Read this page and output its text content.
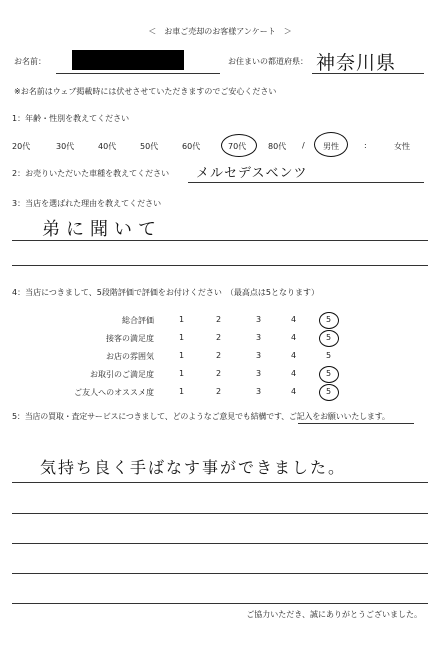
＜　お車ご売却のお客様アンケート　＞
お名前：	お住まいの都道府県： 神奈川県
※お名前はウェブ掲載時には伏せさせていただきますのでご安心ください
1：年齢・性別を教えてください
20代	30代	40代	50代	60代	70代	80代 / 男性	:	女性
2：お売りいただいた車種を教えてください メルセデスベンツ
3：当店を選ばれた理由を教えてください
弟に聞いて
4：当店につきまして、5段階評価で評価をお付けください　（最高点は5となります）
総合評価	1	2	3	4	5
接客の満足度	1	2	3	4	5
お店の雰囲気	1	2	3	4	5
お取引のご満足度	1	2	3	4	5
ご友人へのオススメ度	1	2	3	4	5
5：当店の買取・査定サービスにつきまして、どのようなご意見でも結構です、ご記入をお願いいたします。
気持ち良く手ばなす事ができました。
ご協力いただき、誠にありがとうございました。
